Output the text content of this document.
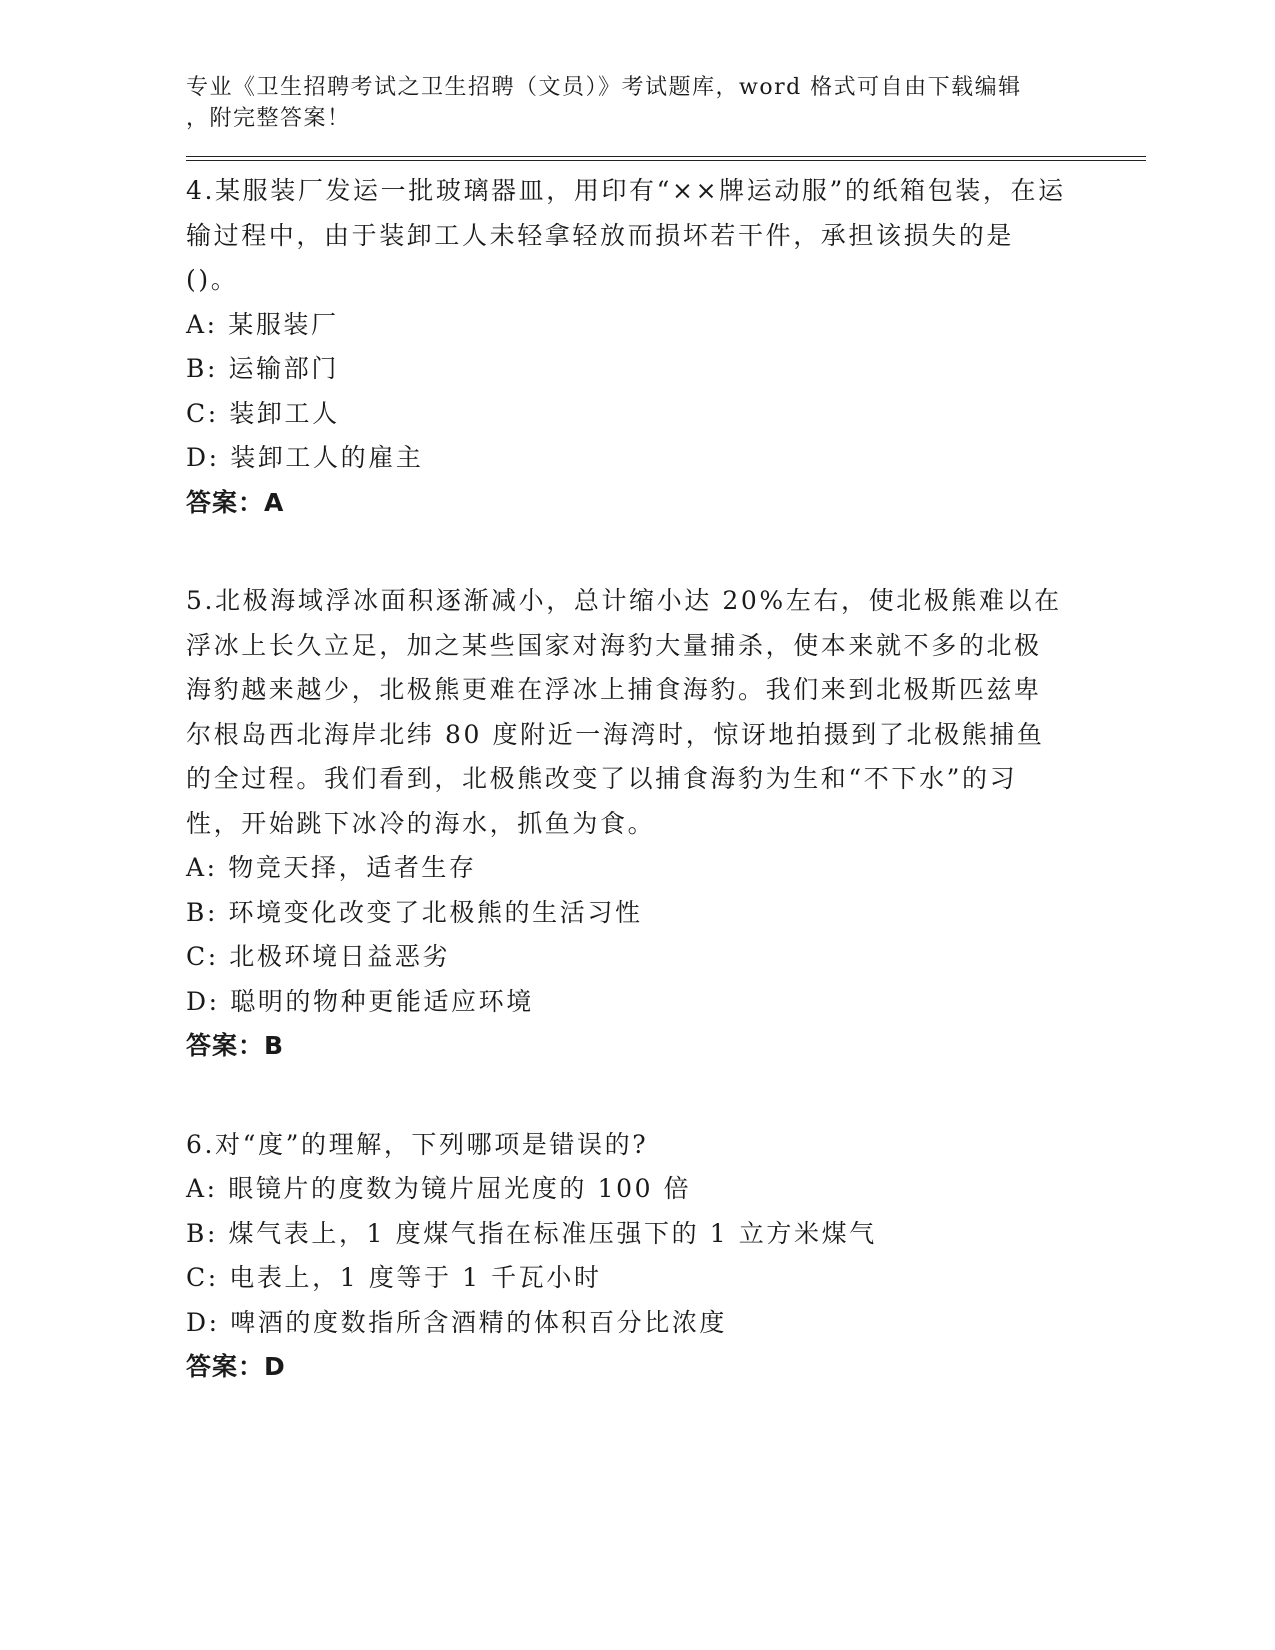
专业《卫生招聘考试之卫生招聘（文员）》考试题库，word 格式可自由下载编辑
，附完整答案！
4.某服装厂发运一批玻璃器皿，用印有“××牌运动服”的纸箱包装，在运输过程中，由于装卸工人未轻拿轻放而损坏若干件，承担该损失的是()。
A: 某服装厂
B: 运输部门
C: 装卸工人
D: 装卸工人的雇主
答案：A
5.北极海域浮冰面积逐渐减小，总计缩小达 20%左右，使北极熊难以在浮冰上长久立足，加之某些国家对海豹大量捕杀，使本来就不多的北极海豹越来越少，北极熊更难在浮冰上捕食海豹。我们来到北极斯匹兹卑尔根岛西北海岸北纬 80 度附近一海湾时，惊讶地拍摄到了北极熊捕鱼的全过程。我们看到，北极熊改变了以捕食海豹为生和“不下水”的习性，开始跳下冰冷的海水，抓鱼为食。
A: 物竞天择，适者生存
B: 环境变化改变了北极熊的生活习性
C: 北极环境日益恶劣
D: 聪明的物种更能适应环境
答案：B
6.对“度”的理解，下列哪项是错误的?
A: 眼镜片的度数为镜片屈光度的 100 倍
B: 煤气表上，1 度煤气指在标准压强下的 1 立方米煤气
C: 电表上，1 度等于 1 千瓦小时
D: 啤酒的度数指所含酒精的体积百分比浓度
答案：D
